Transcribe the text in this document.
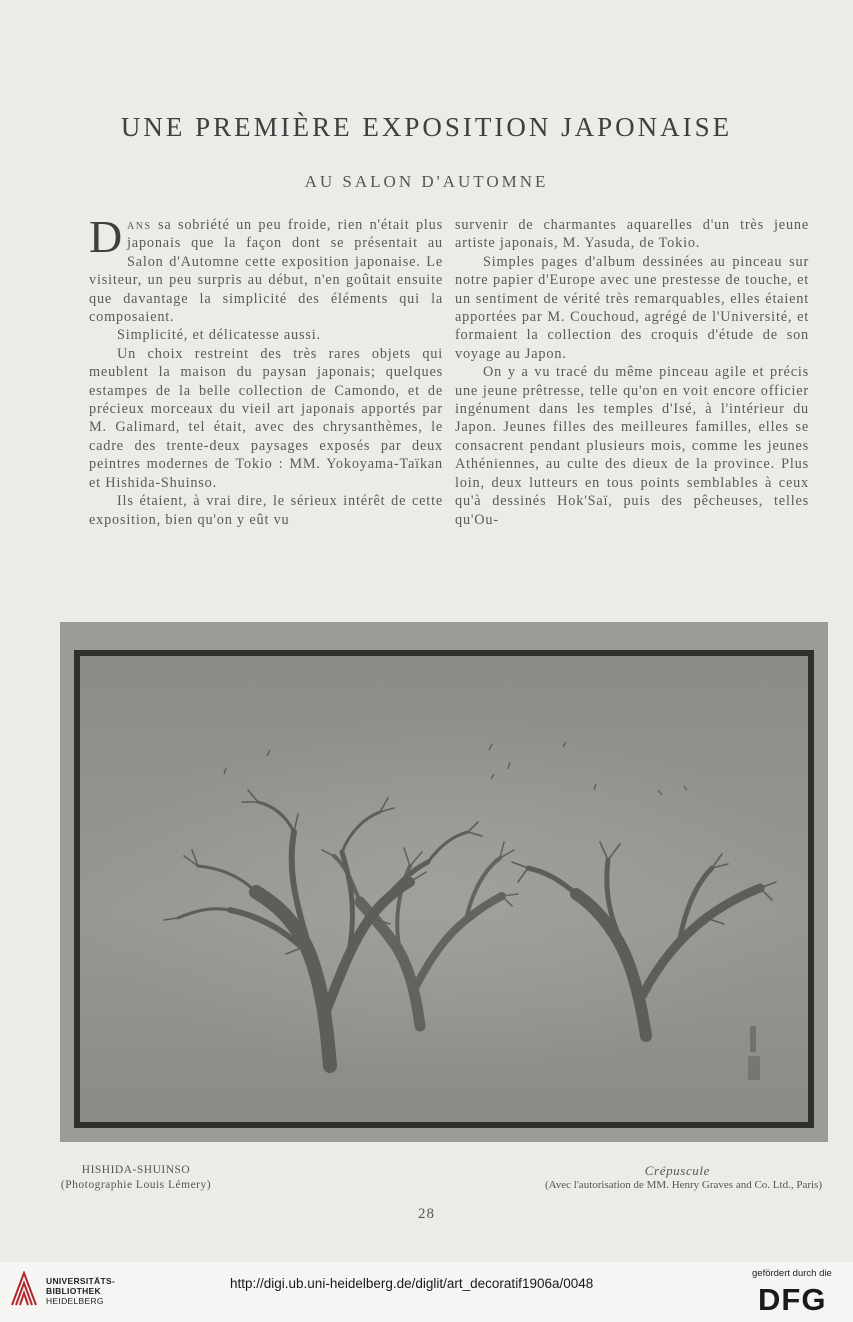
UNE PREMIÈRE EXPOSITION JAPONAISE
AU SALON D'AUTOMNE

Dans sa sobriété un peu froide, rien n'était plus japonais que la façon dont se présentait au Salon d'Automne cette exposition japonaise. Le visiteur, un peu surpris au début, n'en goûtait ensuite que davantage la simplicité des éléments qui la composaient.

Simplicité, et délicatesse aussi.

Un choix restreint des très rares objets qui meublent la maison du paysan japonais; quelques estampes de la belle collection de Camondo, et de précieux morceaux du vieil art japonais apportés par M. Galimard, tel était, avec des chrysanthèmes, le cadre des trente-deux paysages exposés par deux peintres modernes de Tokio : MM. Yokoyama-Taïkan et Hishida-Shuinso.

Ils étaient, à vrai dire, le sérieux intérêt de cette exposition, bien qu'on y eût vu

survenir de charmantes aquarelles d'un très jeune artiste japonais, M. Yasuda, de Tokio.

Simples pages d'album dessinées au pinceau sur notre papier d'Europe avec une prestesse de touche, et un sentiment de vérité très remarquables, elles étaient apportées par M. Couchoud, agrégé de l'Université, et formaient la collection des croquis d'étude de son voyage au Japon.

On y a vu tracé du même pinceau agile et précis une jeune prêtresse, telle qu'on en voit encore officier ingénument dans les temples d'Isé, à l'intérieur du Japon. Jeunes filles des meilleures familles, elles se consacrent pendant plusieurs mois, comme les jeunes Athéniennes, au culte des dieux de la province. Plus loin, deux lutteurs en tous points semblables à ceux qu'à dessinés Hok'Saï, puis des pêcheuses, telles qu'Ou-

HISHIDA-SHUINSO
(Photographie Louis Lémery)
Crépuscule
(Avec l'autorisation de MM. Henry Graves and Co. Ltd., Paris)
28
UNIVERSITÄTS-
BIBLIOTHEK
HEIDELBERG
http://digi.ub.uni-heidelberg.de/diglit/art_decoratif1906a/0048
gefördert durch die
DFG
